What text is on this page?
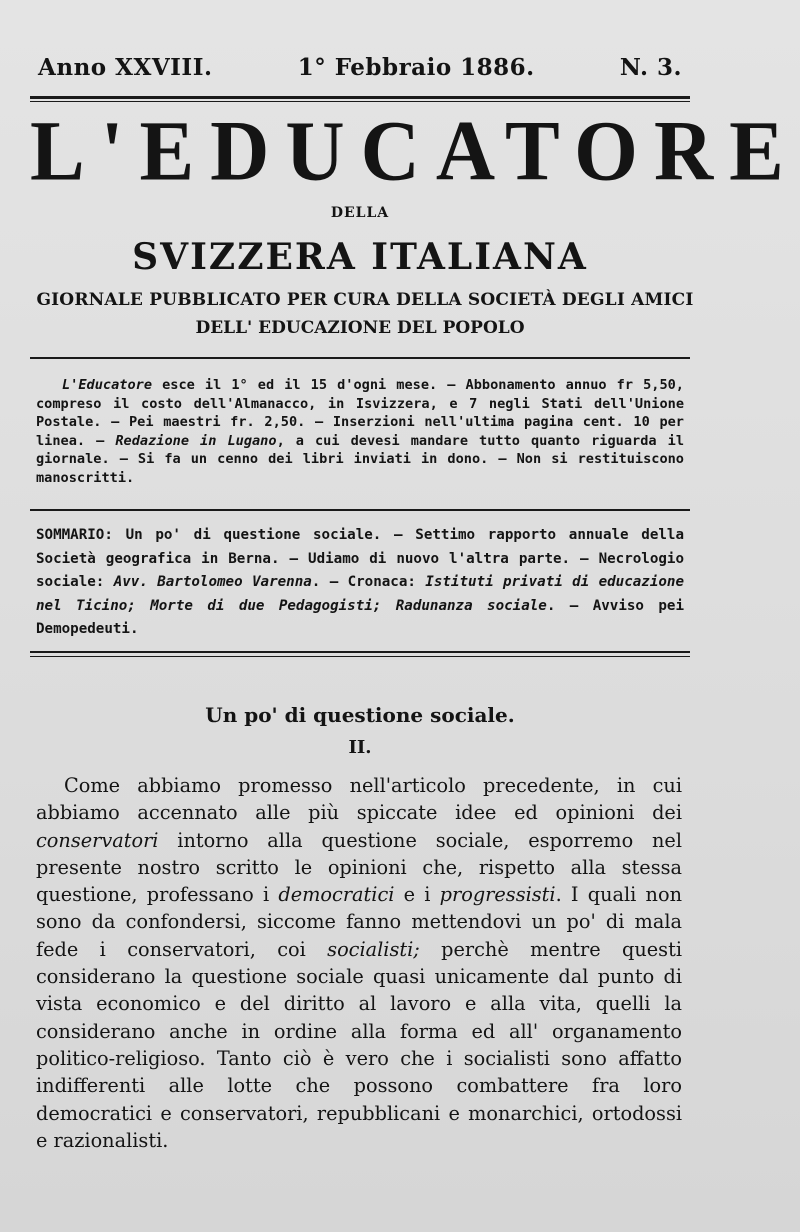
Anno XXVIII.	1° Febbraio 1886.	N. 3.
L'EDUCATORE
DELLA
SVIZZERA ITALIANA
GIORNALE PUBBLICATO PER CURA DELLA SOCIETÀ DEGLI AMICI
DELL' EDUCAZIONE DEL POPOLO
L'Educatore esce il 1° ed il 15 d'ogni mese. — Abbonamento annuo fr 5,50, compreso il costo dell'Almanacco, in Isvizzera, e 7 negli Stati dell'Unione Postale. — Pei maestri fr. 2,50. — Inserzioni nell'ultima pagina cent. 10 per linea. — Redazione in Lugano, a cui devesi mandare tutto quanto riguarda il giornale. — Si fa un cenno dei libri inviati in dono. — Non si restituiscono manoscritti.
SOMMARIO: Un po' di questione sociale. — Settimo rapporto annuale della Società geografica in Berna. — Udiamo di nuovo l'altra parte. — Necrologio sociale: Avv. Bartolomeo Varenna. — Cronaca: Istituti privati di educazione nel Ticino; Morte di due Pedagogisti; Radunanza sociale. — Avviso pei Demopedeuti.
Un po' di questione sociale.
II.

Come abbiamo promesso nell'articolo precedente, in cui abbiamo accennato alle più spiccate idee ed opinioni dei conservatori intorno alla questione sociale, esporremo nel presente nostro scritto le opinioni che, rispetto alla stessa questione, professano i democratici e i progressisti. I quali non sono da confondersi, siccome fanno mettendovi un po' di mala fede i conservatori, coi socialisti; perchè mentre questi considerano la questione sociale quasi unicamente dal punto di vista economico e del diritto al lavoro e alla vita, quelli la considerano anche in ordine alla forma ed all' organamento politico-religioso. Tanto ciò è vero che i socialisti sono affatto indifferenti alle lotte che possono combattere fra loro democratici e conservatori, repubblicani e monarchici, ortodossi e razionalisti.
